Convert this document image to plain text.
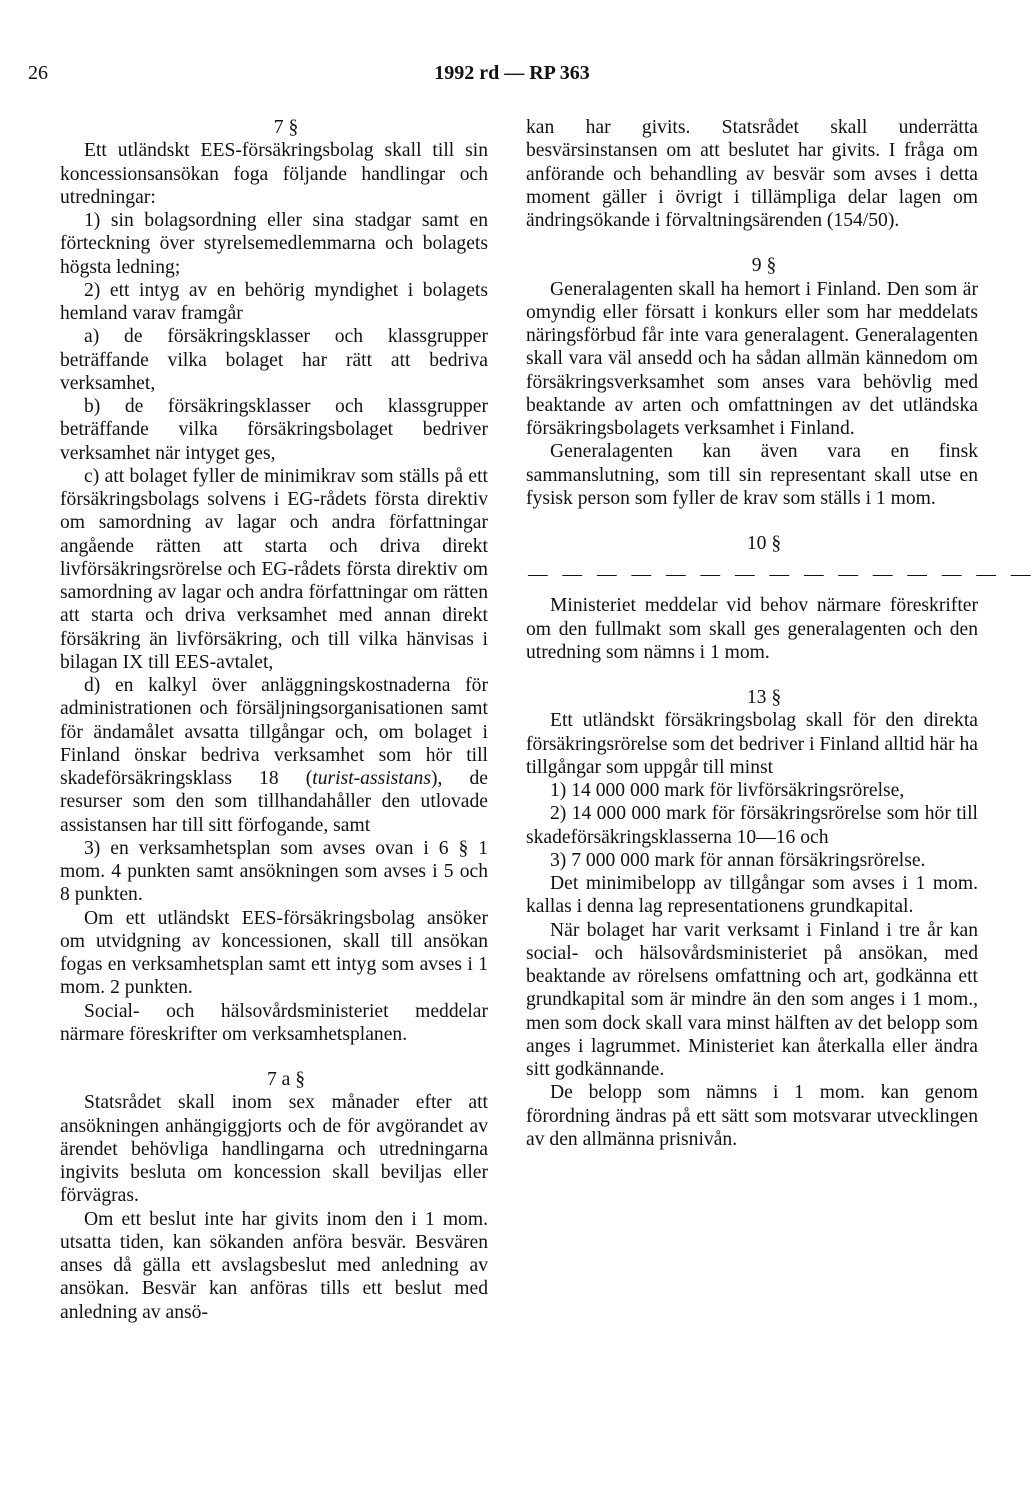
26	1992 rd — RP 363

7 §

Ett utländskt EES-försäkringsbolag skall till sin koncessionsansökan foga följande handlingar och utredningar:

1) sin bolagsordning eller sina stadgar samt en förteckning över styrelsemedlemmarna och bolagets högsta ledning;

2) ett intyg av en behörig myndighet i bolagets hemland varav framgår

a) de försäkringsklasser och klassgrupper beträffande vilka bolaget har rätt att bedriva verksamhet,

b) de försäkringsklasser och klassgrupper beträffande vilka försäkringsbolaget bedriver verksamhet när intyget ges,

c) att bolaget fyller de minimikrav som ställs på ett försäkringsbolags solvens i EG-rådets första direktiv om samordning av lagar och andra författningar angående rätten att starta och driva direkt livförsäkringsrörelse och EG-rådets första direktiv om samordning av lagar och andra författningar om rätten att starta och driva verksamhet med annan direkt försäkring än livförsäkring, och till vilka hänvisas i bilagan IX till EES-avtalet,

d) en kalkyl över anläggningskostnaderna för administrationen och försäljningsorganisationen samt för ändamålet avsatta tillgångar och, om bolaget i Finland önskar bedriva verksamhet som hör till skadeförsäkringsklass 18 (turist-assistans), de resurser som den som tillhandahåller den utlovade assistansen har till sitt förfogande, samt

3) en verksamhetsplan som avses ovan i 6 § 1 mom. 4 punkten samt ansökningen som avses i 5 och 8 punkten.

Om ett utländskt EES-försäkringsbolag ansöker om utvidgning av koncessionen, skall till ansökan fogas en verksamhetsplan samt ett intyg som avses i 1 mom. 2 punkten.

Social- och hälsovårdsministeriet meddelar närmare föreskrifter om verksamhetsplanen.

7 a §

Statsrådet skall inom sex månader efter att ansökningen anhängiggjorts och de för avgörandet av ärendet behövliga handlingarna och utredningarna ingivits besluta om koncession skall beviljas eller förvägras.

Om ett beslut inte har givits inom den i 1 mom. utsatta tiden, kan sökanden anföra besvär. Besvären anses då gälla ett avslagsbeslut med anledning av ansökan. Besvär kan anföras tills ett beslut med anledning av ansö-

kan har givits. Statsrådet skall underrätta besvärsinstansen om att beslutet har givits. I fråga om anförande och behandling av besvär som avses i detta moment gäller i övrigt i tillämpliga delar lagen om ändringsökande i förvaltningsärenden (154/50).

9 §

Generalagenten skall ha hemort i Finland. Den som är omyndig eller försatt i konkurs eller som har meddelats näringsförbud får inte vara generalagent. Generalagenten skall vara väl ansedd och ha sådan allmän kännedom om försäkringsverksamhet som anses vara behövlig med beaktande av arten och omfattningen av det utländska försäkringsbolagets verksamhet i Finland.

Generalagenten kan även vara en finsk sammanslutning, som till sin representant skall utse en fysisk person som fyller de krav som ställs i 1 mom.

10 §

— — — — — — — — — — — — — — —

Ministeriet meddelar vid behov närmare föreskrifter om den fullmakt som skall ges generalagenten och den utredning som nämns i 1 mom.

13 §

Ett utländskt försäkringsbolag skall för den direkta försäkringsrörelse som det bedriver i Finland alltid här ha tillgångar som uppgår till minst

1) 14 000 000 mark för livförsäkringsrörelse,

2) 14 000 000 mark för försäkringsrörelse som hör till skadeförsäkringsklasserna 10—16 och

3) 7 000 000 mark för annan försäkringsrörelse.

Det minimibelopp av tillgångar som avses i 1 mom. kallas i denna lag representationens grundkapital.

När bolaget har varit verksamt i Finland i tre år kan social- och hälsovårdsministeriet på ansökan, med beaktande av rörelsens omfattning och art, godkänna ett grundkapital som är mindre än den som anges i 1 mom., men som dock skall vara minst hälften av det belopp som anges i lagrummet. Ministeriet kan återkalla eller ändra sitt godkännande.

De belopp som nämns i 1 mom. kan genom förordning ändras på ett sätt som motsvarar utvecklingen av den allmänna prisnivån.
